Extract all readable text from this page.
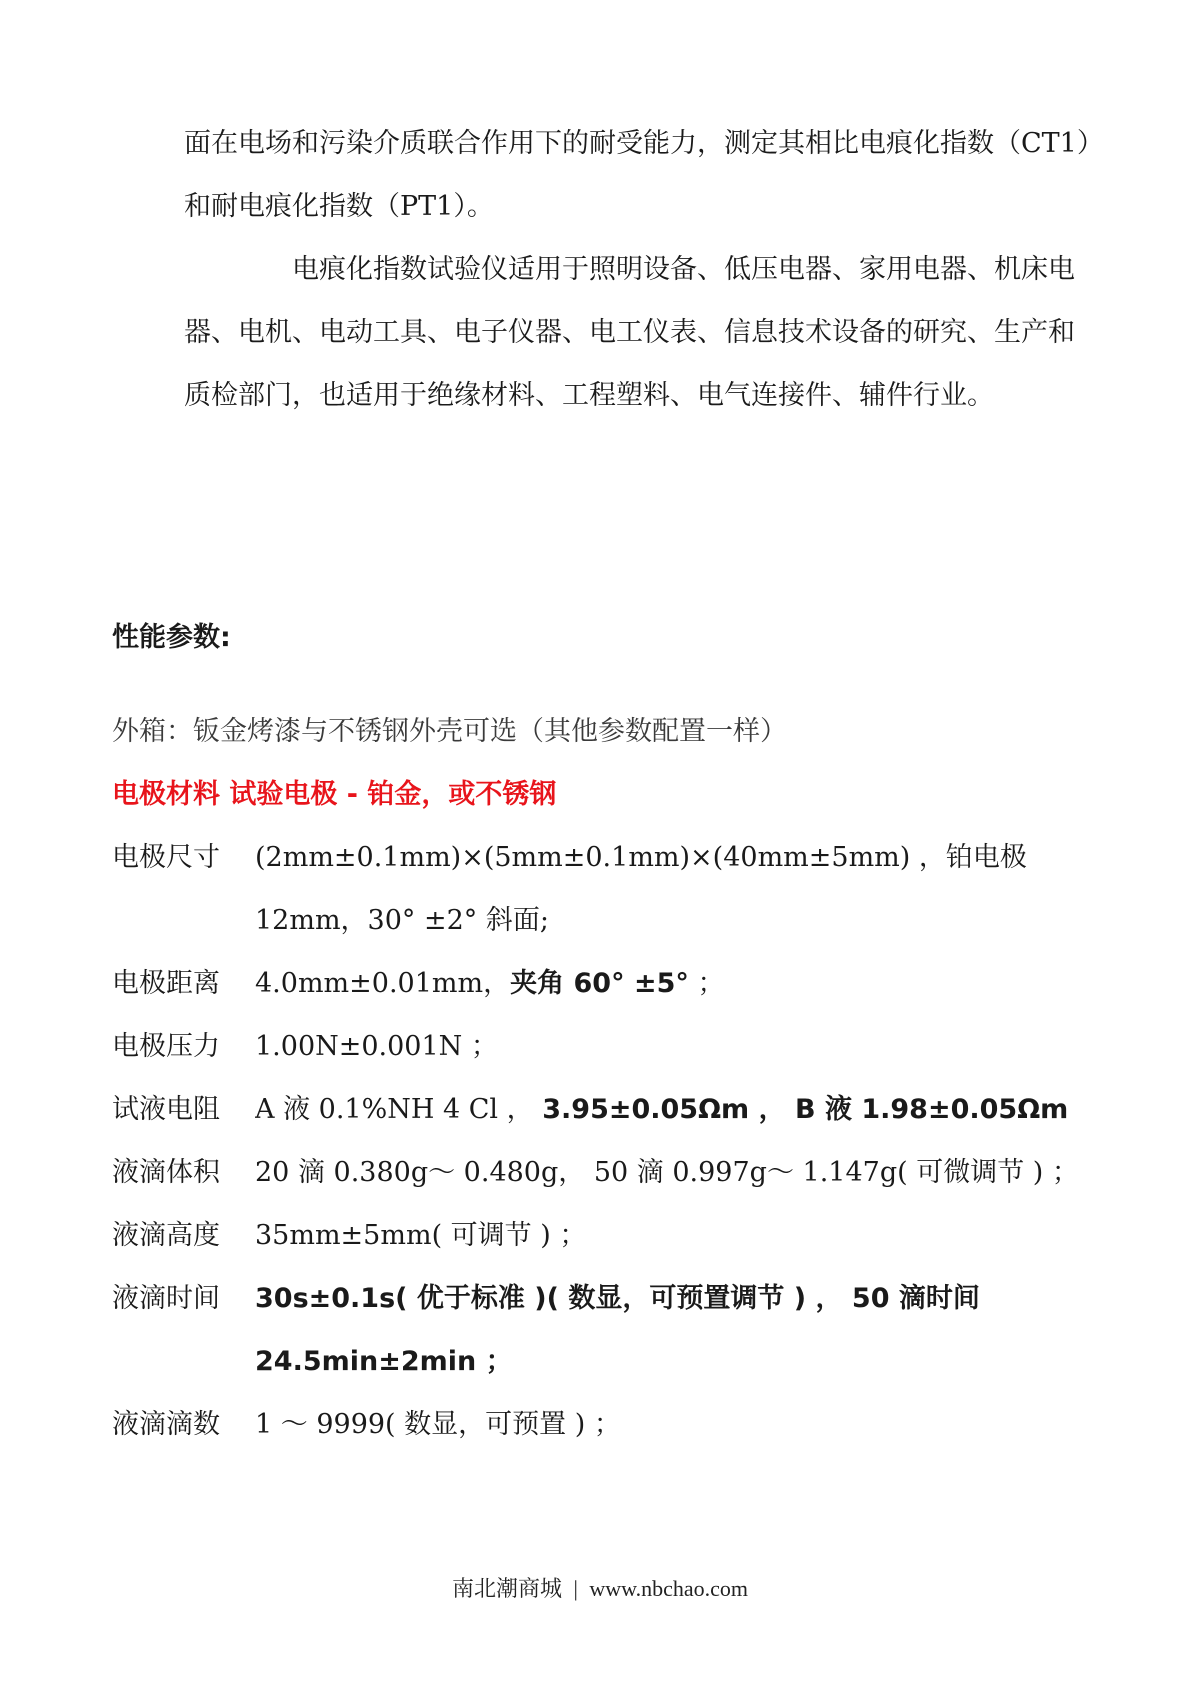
面在电场和污染介质联合作用下的耐受能力，测定其相比电痕化指数（CT1）和耐电痕化指数（PT1）。

电痕化指数试验仪适用于照明设备、低压电器、家用电器、机床电器、电机、电动工具、电子仪器、电工仪表、信息技术设备的研究、生产和质检部门，也适用于绝缘材料、工程塑料、电气连接件、辅件行业。

性能参数:
外箱：钣金烤漆与不锈钢外壳可选（其他参数配置一样）
电极材料 试验电极 - 铂金，或不锈钢
电极尺寸	(2mm±0.1mm)×(5mm±0.1mm)×(40mm±5mm) ，铂电极 12mm，30° ±2° 斜面;
电极距离	4.0mm±0.01mm，夹角 60° ±5° ；
电极压力	1.00N±0.001N ；
试液电阻	A 液 0.1%NH 4 Cl ， 3.95±0.05Ωm ， B 液 1.98±0.05Ωm
液滴体积	20 滴 0.380g～ 0.480g， 50 滴 0.997g～ 1.147g( 可微调节 ) ；
液滴高度	35mm±5mm( 可调节 ) ；
液滴时间	30s±0.1s( 优于标准 )( 数显，可预置调节 ) ， 50 滴时间 24.5min±2min ；
液滴滴数	1 ～ 9999( 数显，可预置 ) ；
南北潮商城 | www.nbchao.com
